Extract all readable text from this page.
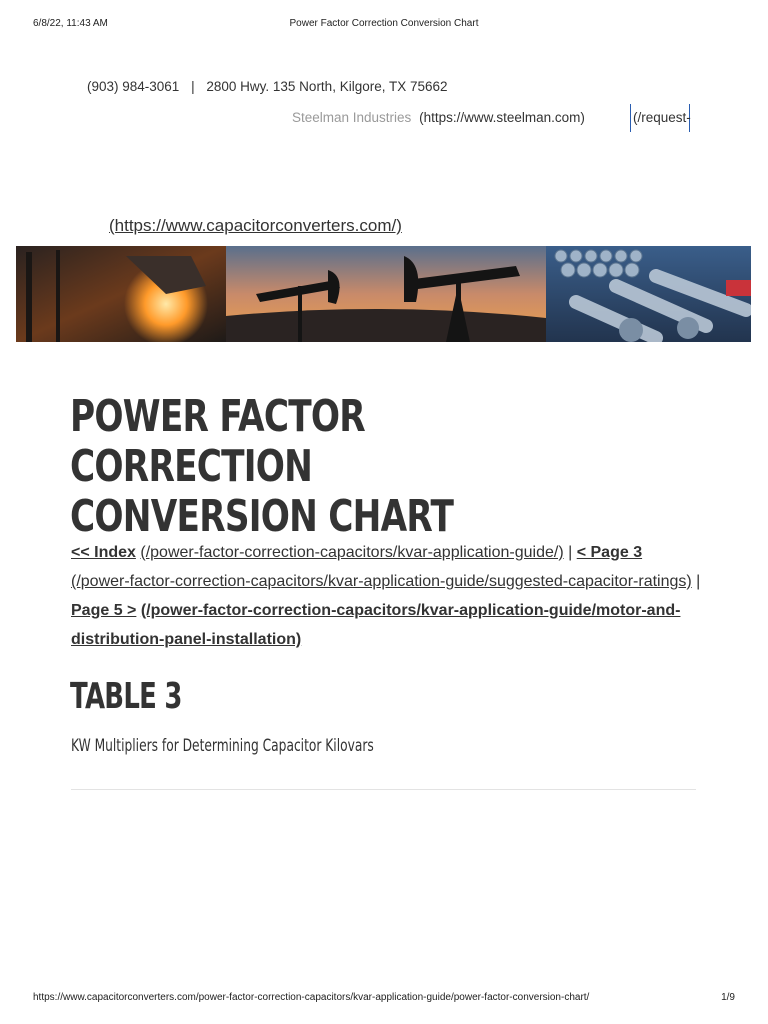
6/8/22, 11:43 AM	Power Factor Correction Conversion Chart
(903) 984-3061 | 2800 Hwy. 135 North, Kilgore, TX 75662
Steelman Industries (https://www.steelman.com)	(/request-
(https://www.capacitorconverters.com/)
POWER FACTOR CORRECTION CONVERSION CHART
<< Index (/power-factor-correction-capacitors/kvar-application-guide/) | < Page 3 (/power-factor-correction-capacitors/kvar-application-guide/suggested-capacitor-ratings) | Page 5 > (/power-factor-correction-capacitors/kvar-application-guide/motor-and-distribution-panel-installation)
TABLE 3
KW Multipliers for Determining Capacitor Kilovars
https://www.capacitorconverters.com/power-factor-correction-capacitors/kvar-application-guide/power-factor-conversion-chart/	1/9
